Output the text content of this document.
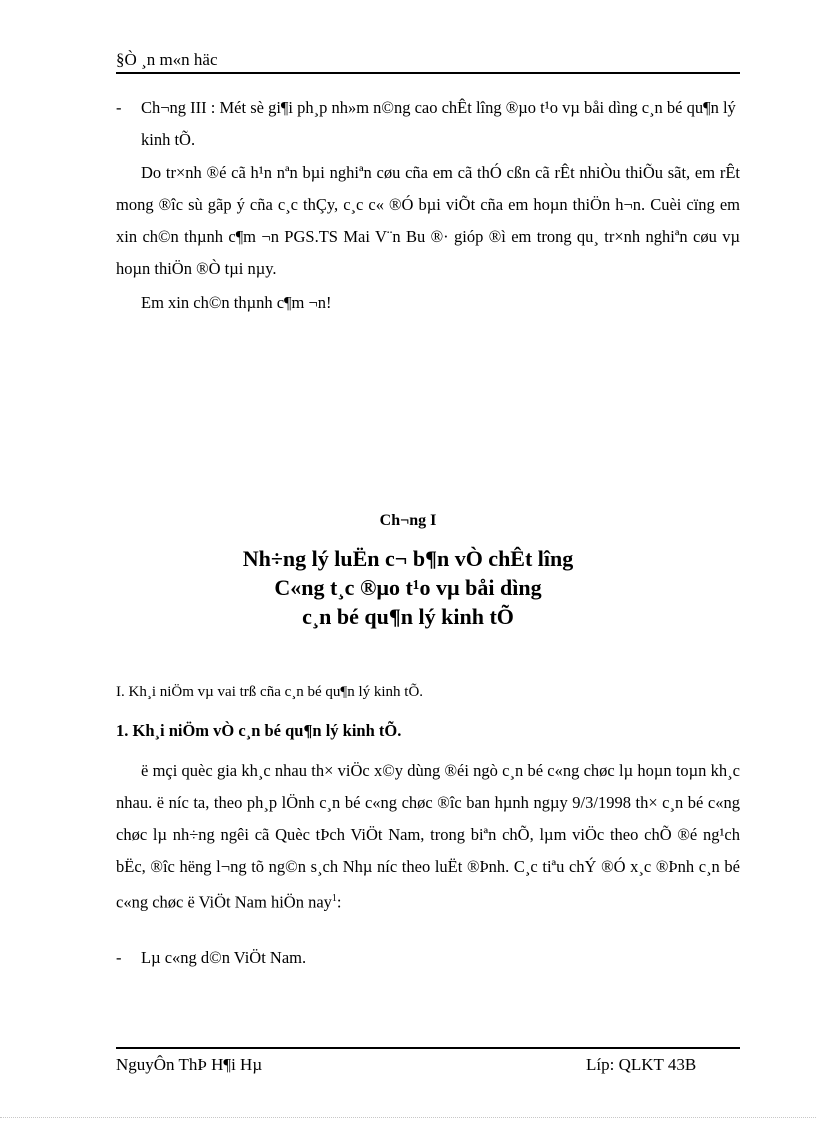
§Ò ¸n m«n häc
- Ch¬ng III : Mét sè gi¶i ph¸p nh»m n©ng cao chÊt lîng ®µo t¹o vµ båi dìng c¸n bé qu¶n lý kinh tÕ.
Do tr×nh ®é cã h¹n nªn bµi nghiªn cøu cña em cã thÓ cßn cã rÊt nhiÒu thiÕu sãt, em rÊt mong ®îc sù gãp ý cña c¸c thÇy, c¸c c« ®Ó bµi viÕt cña em hoµn thiÖn h¬n. Cuèi cïng em xin ch©n thµnh c¶m ¬n PGS.TS Mai V¨n Bu ®· gióp ®ì em trong qu¸ tr×nh nghiªn cøu vµ hoµn thiÖn ®Ò tµi nµy.
Em xin ch©n thµnh c¶m ¬n!
Ch¬ng I
Nh÷ng lý luËn c¬ b¶n vÒ chÊt lîng
C«ng t¸c ®µo t¹o vµ båi dìng
c¸n bé qu¶n lý kinh tÕ
I. Kh¸i niÖm vµ vai trß cña c¸n bé qu¶n lý kinh tÕ.
1. Kh¸i niÖm vÒ c¸n bé qu¶n lý kinh tÕ.
ë mçi quèc gia kh¸c nhau th× viÖc x©y dùng ®éi ngò c¸n bé c«ng chøc lµ hoµn toµn kh¸c nhau. ë níc ta, theo ph¸p lÖnh c¸n bé c«ng chøc ®îc ban hµnh ngµy 9/3/1998 th× c¸n bé c«ng chøc lµ nh÷ng ngêi cã Quèc tÞch ViÖt Nam, trong biªn chÕ, lµm viÖc theo chÕ ®é ng¹ch bËc, ®îc hëng l¬ng tõ ng©n s¸ch Nhµ níc theo luËt ®Þnh. C¸c tiªu chÝ ®Ó x¸c ®Þnh c¸n bé c«ng chøc ë ViÖt Nam hiÖn nay$^1$:
- Lµ c«ng d©n ViÖt Nam.
NguyÔn ThÞ H¶i Hµ	Líp: QLKT 43B
